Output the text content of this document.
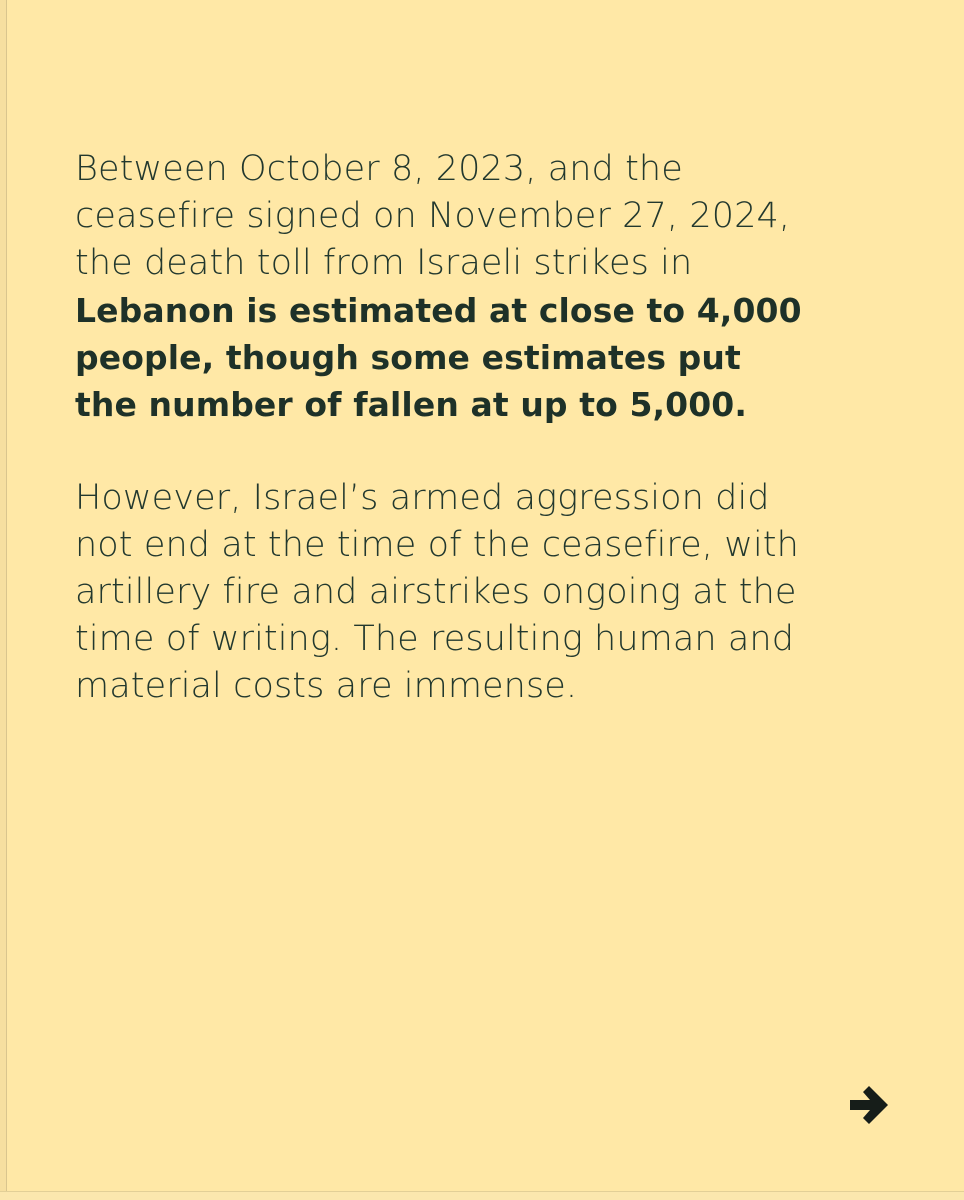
Between October 8, 2023, and the
ceasefire signed on November 27, 2024,
the death toll from Israeli strikes in
Lebanon is estimated at close to 4,000
people, though some estimates put
the number of fallen at up to 5,000.

However, Israel’s armed aggression did
not end at the time of the ceasefire, with
artillery fire and airstrikes ongoing at the
time of writing. The resulting human and
material costs are immense.
